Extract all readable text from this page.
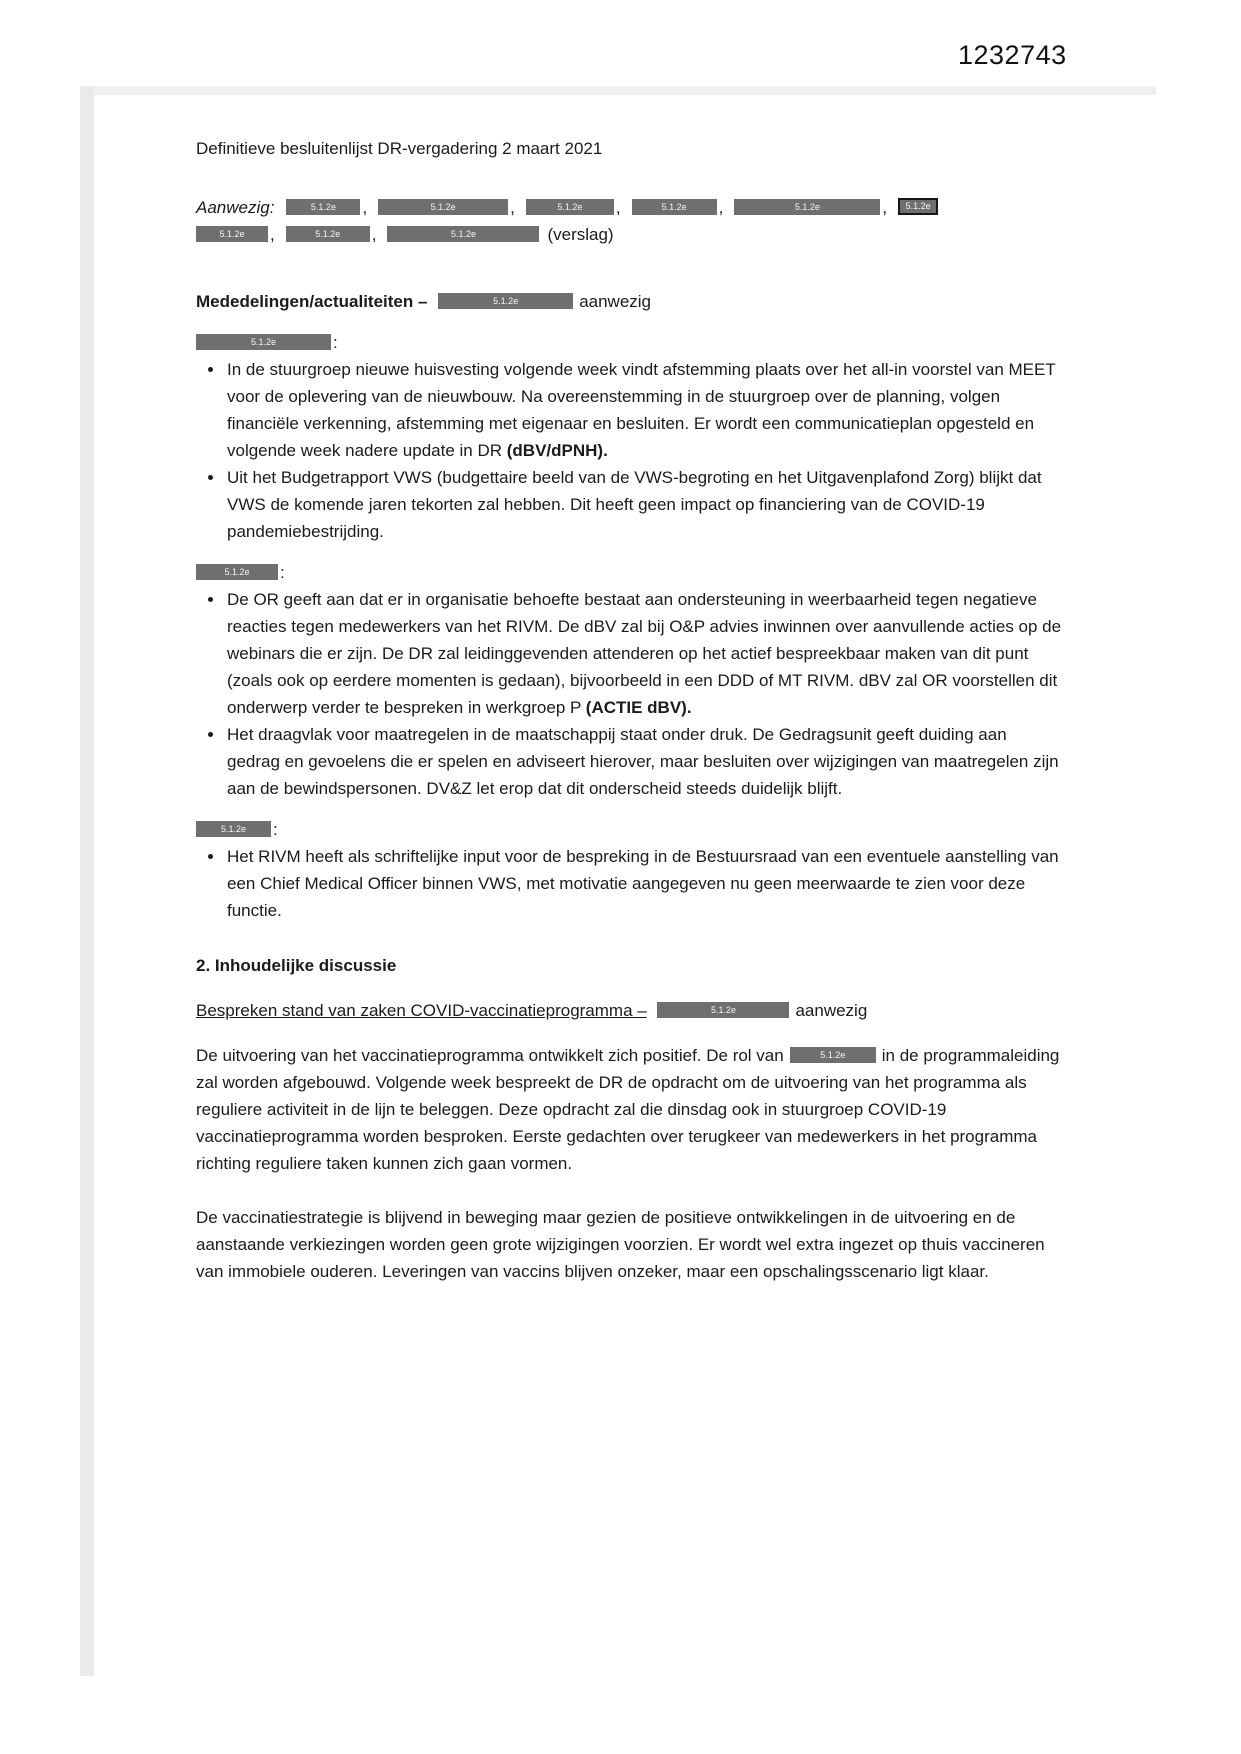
1232743

Definitieve besluitenlijst DR-vergadering 2 maart 2021

Aanwezig:	5.1.2e ,	5.1.2e	,	5.1.2e ,	5.1.2e ,	5.1.2e	, 5.1.2e
5.1.2e ,	5.1.2e ,	5.1.2e	(verslag)
Mededelingen/actualiteiten –	5.1.2e	aanwezig
5.1.2e	:
• In de stuurgroep nieuwe huisvesting volgende week vindt afstemming plaats over het all-in voorstel van MEET voor de oplevering van de nieuwbouw. Na overeenstemming in de stuurgroep over de planning, volgen financiële verkenning, afstemming met eigenaar en besluiten. Er wordt een communicatieplan opgesteld en volgende week nadere update in DR (dBV/dPNH).
• Uit het Budgetrapport VWS (budgettaire beeld van de VWS-begroting en het Uitgavenplafond Zorg) blijkt dat VWS de komende jaren tekorten zal hebben. Dit heeft geen impact op financiering van de COVID-19 pandemiebestrijding.
5.1.2e :
• De OR geeft aan dat er in organisatie behoefte bestaat aan ondersteuning in weerbaarheid tegen negatieve reacties tegen medewerkers van het RIVM. De dBV zal bij O&P advies inwinnen over aanvullende acties op de webinars die er zijn. De DR zal leidinggevenden attenderen op het actief bespreekbaar maken van dit punt (zoals ook op eerdere momenten is gedaan), bijvoorbeeld in een DDD of MT RIVM. dBV zal OR voorstellen dit onderwerp verder te bespreken in werkgroep P (ACTIE dBV).
• Het draagvlak voor maatregelen in de maatschappij staat onder druk. De Gedragsunit geeft duiding aan gedrag en gevoelens die er spelen en adviseert hierover, maar besluiten over wijzigingen van maatregelen zijn aan de bewindspersonen. DV&Z let erop dat dit onderscheid steeds duidelijk blijft.
5.1.2e :
• Het RIVM heeft als schriftelijke input voor de bespreking in de Bestuursraad van een eventuele aanstelling van een Chief Medical Officer binnen VWS, met motivatie aangegeven nu geen meerwaarde te zien voor deze functie.
2. Inhoudelijke discussie
Bespreken stand van zaken COVID-vaccinatieprogramma –	5.1.2e	aanwezig

De uitvoering van het vaccinatieprogramma ontwikkelt zich positief. De rol van	5.1.2e in de programmaleiding zal worden afgebouwd. Volgende week bespreekt de DR de opdracht om de uitvoering van het programma als reguliere activiteit in de lijn te beleggen. Deze opdracht zal die dinsdag ook in stuurgroep COVID-19 vaccinatieprogramma worden besproken. Eerste gedachten over terugkeer van medewerkers in het programma richting reguliere taken kunnen zich gaan vormen.

De vaccinatiestrategie is blijvend in beweging maar gezien de positieve ontwikkelingen in de uitvoering en de aanstaande verkiezingen worden geen grote wijzigingen voorzien. Er wordt wel extra ingezet op thuis vaccineren van immobiele ouderen. Leveringen van vaccins blijven onzeker, maar een opschalingsscenario ligt klaar.
